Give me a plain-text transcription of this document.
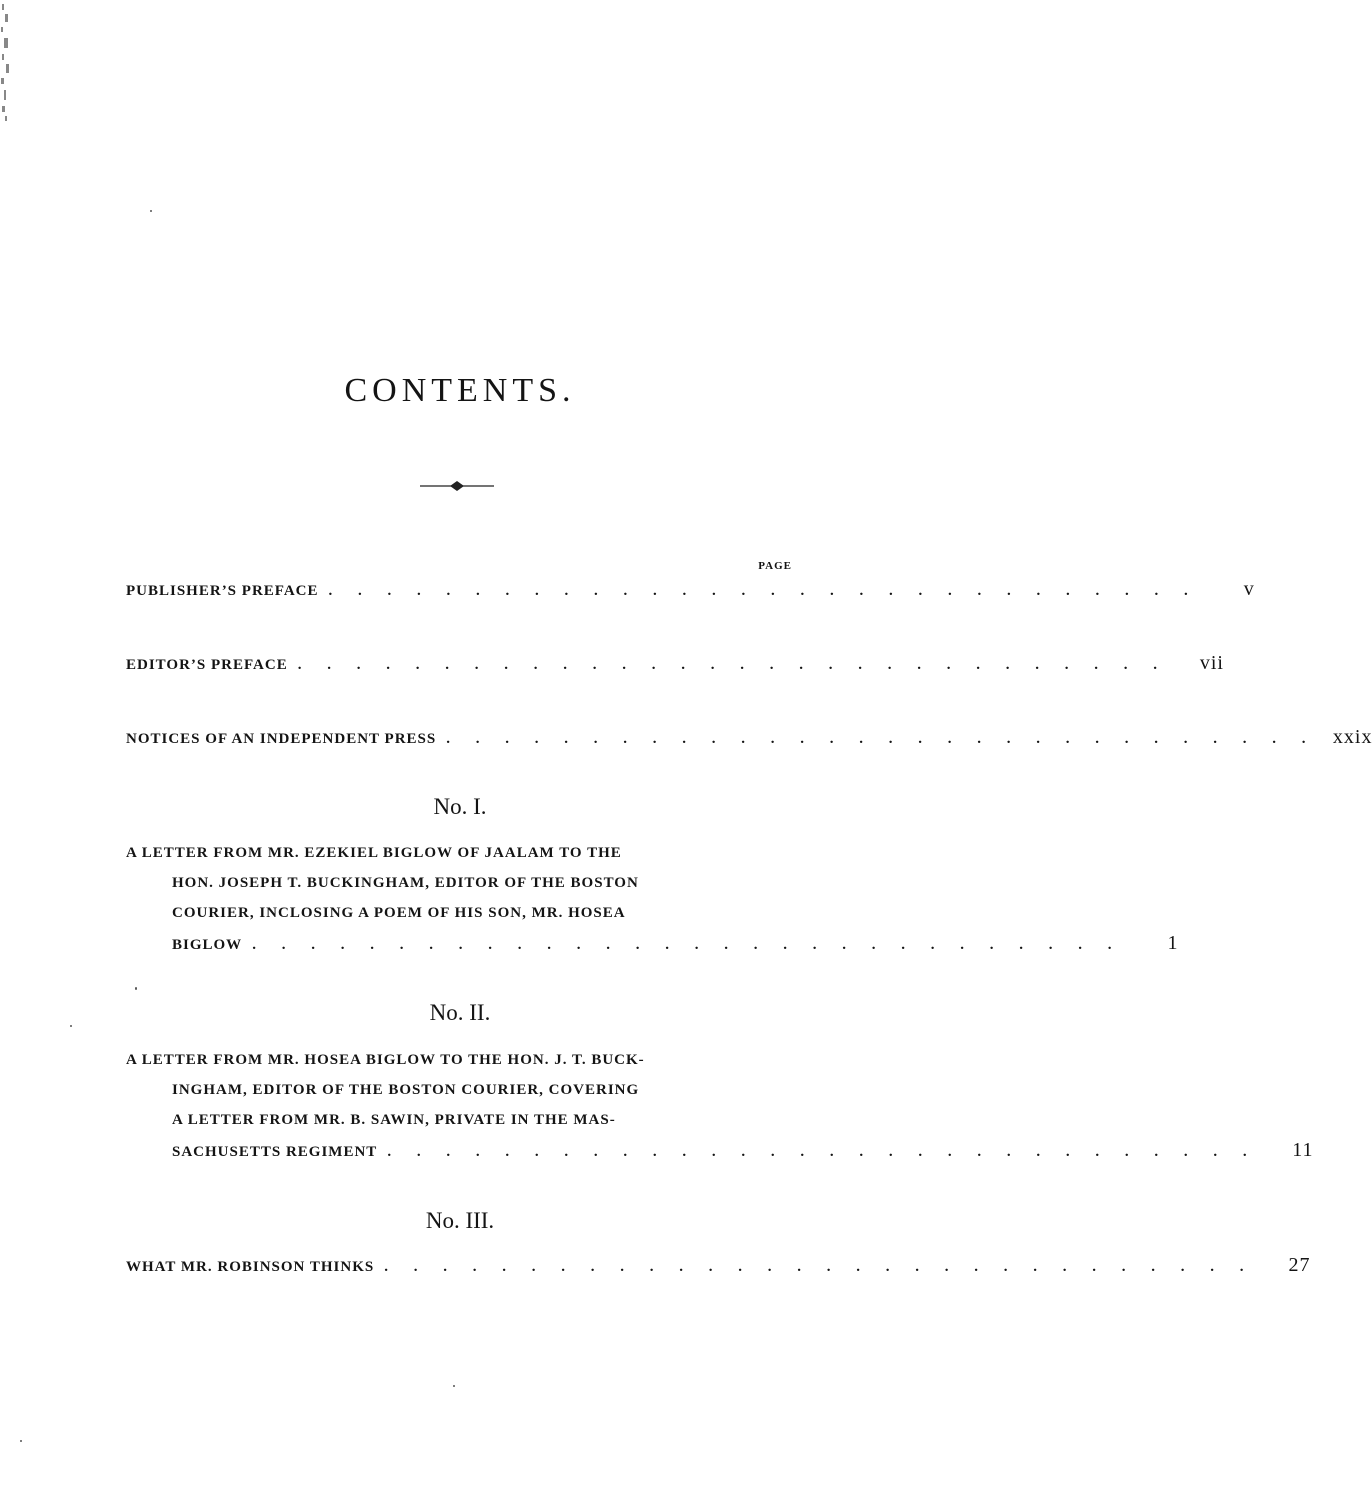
CONTENTS.
PAGE
PUBLISHER’S PREFACE . . . . . . . . . . . . . . . . . . . . . . . . . . . . . .	v
EDITOR’S PREFACE . . . . . . . . . . . . . . . . . . . . . . . . . . . . . .	vii
NOTICES OF AN INDEPENDENT PRESS . . . . . . . . . . . . . . . . . . . . . . . . . . . . . . xxix
No. I.
A LETTER FROM MR. EZEKIEL BIGLOW OF JAALAM TO THE
HON. JOSEPH T. BUCKINGHAM, EDITOR OF THE BOSTON
COURIER, INCLOSING A POEM OF HIS SON, MR. HOSEA
BIGLOW . . . . . . . . . . . . . . . . . . . . . . . . . . . . . .	1
No. II.
A LETTER FROM MR. HOSEA BIGLOW TO THE HON. J. T. BUCK-
INGHAM, EDITOR OF THE BOSTON COURIER, COVERING
A LETTER FROM MR. B. SAWIN, PRIVATE IN THE MAS-
SACHUSETTS REGIMENT . . . . . . . . . . . . . . . . . . . . . . . . . . . . . .	11
No. III.
WHAT MR. ROBINSON THINKS . . . . . . . . . . . . . . . . . . . . . . . . . . . . . .	27
